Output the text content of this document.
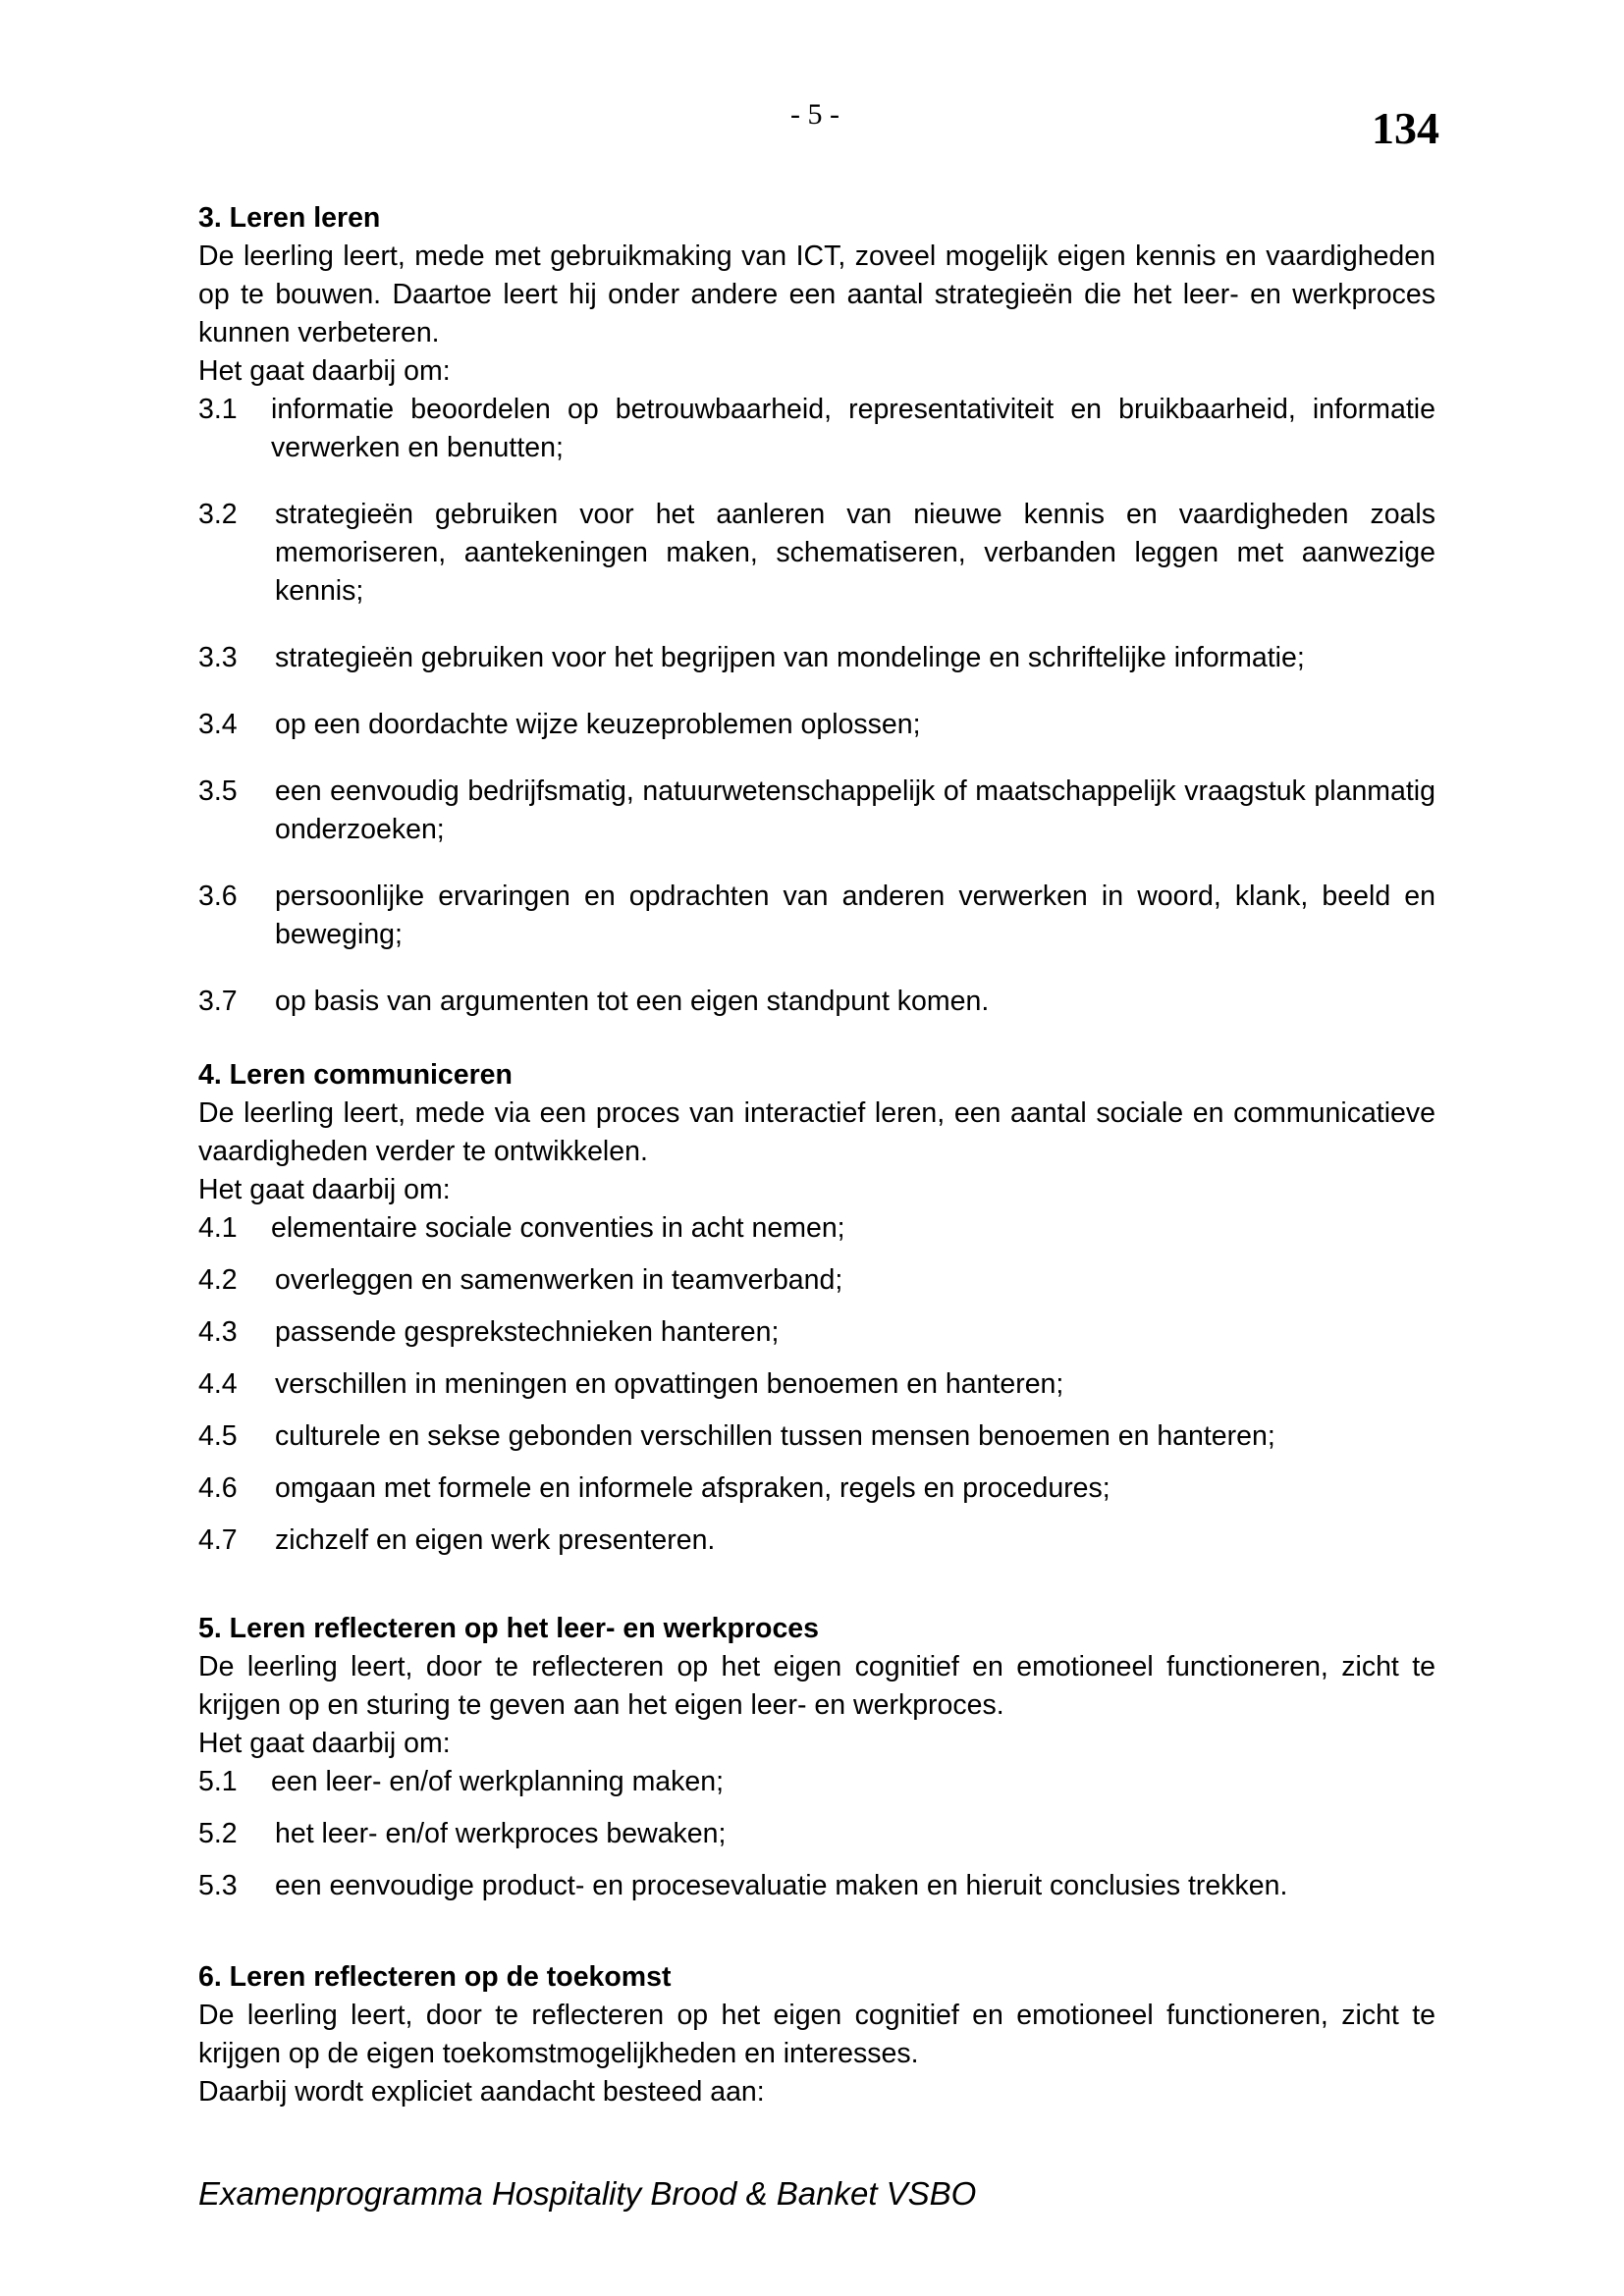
- 5 -	134
3. Leren leren
De leerling leert, mede met gebruikmaking van ICT, zoveel mogelijk eigen kennis en vaardigheden op te bouwen. Daartoe leert hij onder andere een aantal strategieën die het leer- en werkproces kunnen verbeteren.
Het gaat daarbij om:
3.1	informatie beoordelen op betrouwbaarheid, representativiteit en bruikbaarheid, informatie verwerken en benutten;
3.2	strategieën gebruiken voor het aanleren van nieuwe kennis en vaardigheden zoals memoriseren, aantekeningen maken, schematiseren, verbanden leggen met aanwezige kennis;
3.3	strategieën gebruiken voor het begrijpen van mondelinge en schriftelijke informatie;
3.4	op een doordachte wijze keuzeproblemen oplossen;
3.5	een eenvoudig bedrijfsmatig, natuurwetenschappelijk of maatschappelijk vraagstuk planmatig onderzoeken;
3.6	persoonlijke ervaringen en opdrachten van anderen verwerken in woord, klank, beeld en beweging;
3.7	op basis van argumenten tot een eigen standpunt komen.
4. Leren communiceren
De leerling leert, mede via een proces van interactief leren, een aantal sociale en communicatieve vaardigheden verder te ontwikkelen.
Het gaat daarbij om:
4.1	elementaire sociale conventies in acht nemen;
4.2	overleggen en samenwerken in teamverband;
4.3	passende gesprekstechnieken hanteren;
4.4	verschillen in meningen en opvattingen benoemen en hanteren;
4.5	culturele en sekse gebonden verschillen tussen mensen benoemen en hanteren;
4.6	omgaan met formele en informele afspraken, regels en procedures;
4.7	zichzelf en eigen werk presenteren.
5. Leren reflecteren op het leer- en werkproces
De leerling leert, door te reflecteren op het eigen cognitief en emotioneel functioneren, zicht te krijgen op en sturing te geven aan het eigen leer- en werkproces.
Het gaat daarbij om:
5.1	een leer- en/of werkplanning maken;
5.2	het leer- en/of werkproces bewaken;
5.3	een eenvoudige product- en procesevaluatie maken en hieruit conclusies trekken.
6. Leren reflecteren op de toekomst
De leerling leert, door te reflecteren op het eigen cognitief en emotioneel functioneren, zicht te krijgen op de eigen toekomstmogelijkheden en interesses.
Daarbij wordt expliciet aandacht besteed aan:
Examenprogramma Hospitality Brood & Banket VSBO
